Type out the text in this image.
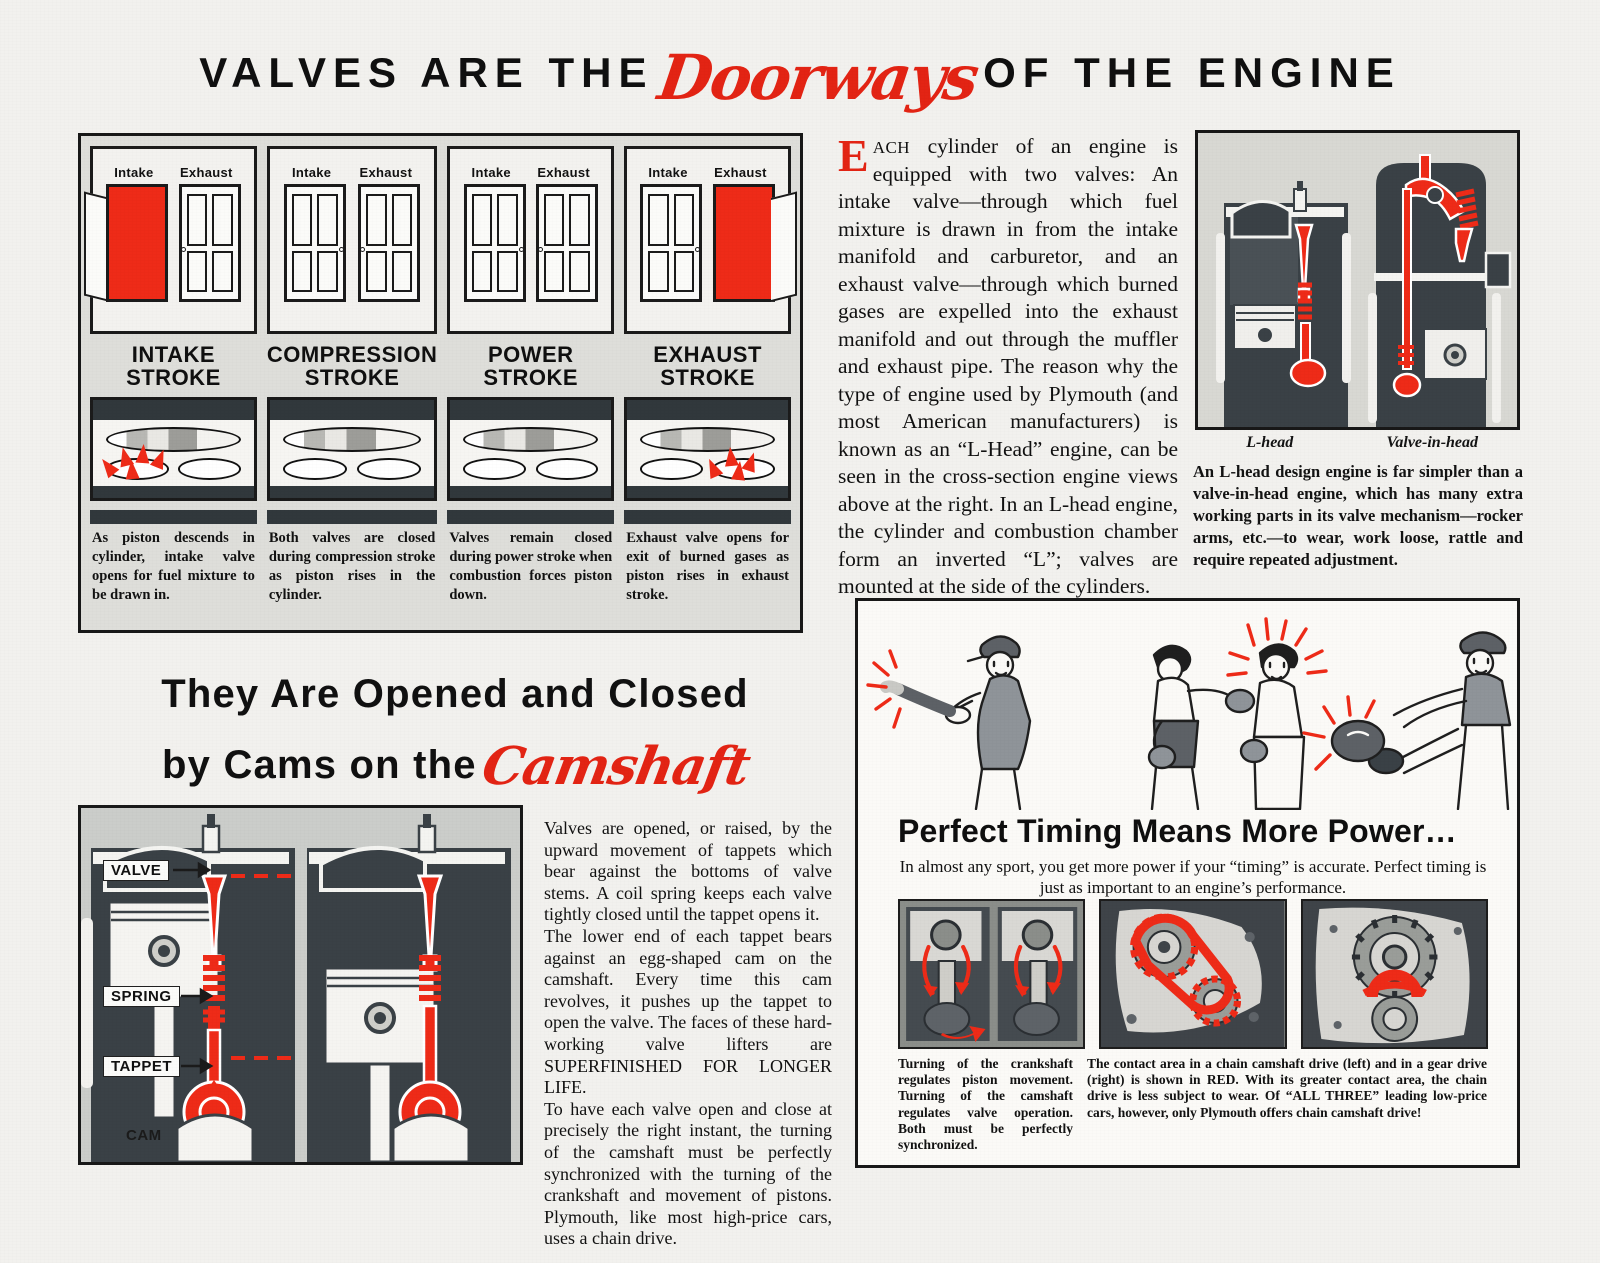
VALVES ARE THE Doorways OF THE ENGINE
Intake Exhaust
INTAKE
STROKE
As piston descends in cylinder, intake valve opens for fuel mixture to be drawn in.
Intake Exhaust
COMPRESSION
STROKE
Both valves are closed during compression stroke as piston rises in the cylinder.
Intake Exhaust
POWER
STROKE
Valves remain closed during power stroke when combustion forces piston down.
Intake Exhaust
EXHAUST
STROKE
Exhaust valve opens for exit of burned gases as piston rises in exhaust stroke.

EACH cylinder of an engine is equipped with two valves: An intake valve—through which fuel mixture is drawn in from the intake manifold and carburetor, and an exhaust valve—through which burned gases are expelled into the exhaust manifold and out through the muffler and exhaust pipe. The reason why the type of engine used by Plymouth (and most American manufacturers) is known as an “L-Head” engine, can be seen in the cross-section engine views above at the right. In an L-head engine, the cylinder and combustion chamber form an inverted “L”; valves are mounted at the side of the cylinders.

L-head	Valve-in-head
An L-head design engine is far simpler than a valve-in-head engine, which has many extra working parts in its valve mechanism—rocker arms, etc.—to wear, work loose, rattle and require repeated adjustment.
They Are Opened and Closed
by Cams on the Camshaft
VALVE
SPRING
TAPPET
CAM

Valves are opened, or raised, by the upward movement of tappets which bear against the bottoms of valve stems. A coil spring keeps each valve tightly closed until the tappet opens it.

The lower end of each tappet bears against an egg-shaped cam on the camshaft. Every time this cam revolves, it pushes up the tappet to open the valve. The faces of these hard-working valve lifters are SUPERFINISHED FOR LONGER LIFE.

To have each valve open and close at precisely the right instant, the turning of the camshaft must be perfectly synchronized with the turning of the crankshaft and movement of pistons. Plymouth, like most high-price cars, uses a chain drive.

Perfect Timing Means More Power…
In almost any sport, you get more power if your “timing” is accurate. Perfect timing is just as important to an engine’s performance.
Turning of the crankshaft regulates piston movement. Turning of the camshaft regulates valve operation. Both must be perfectly synchronized.
The contact area in a chain camshaft drive (left) and in a gear drive (right) is shown in RED. With its greater contact area, the chain drive is less subject to wear. Of “ALL THREE” leading low-price cars, however, only Plymouth offers chain camshaft drive!
